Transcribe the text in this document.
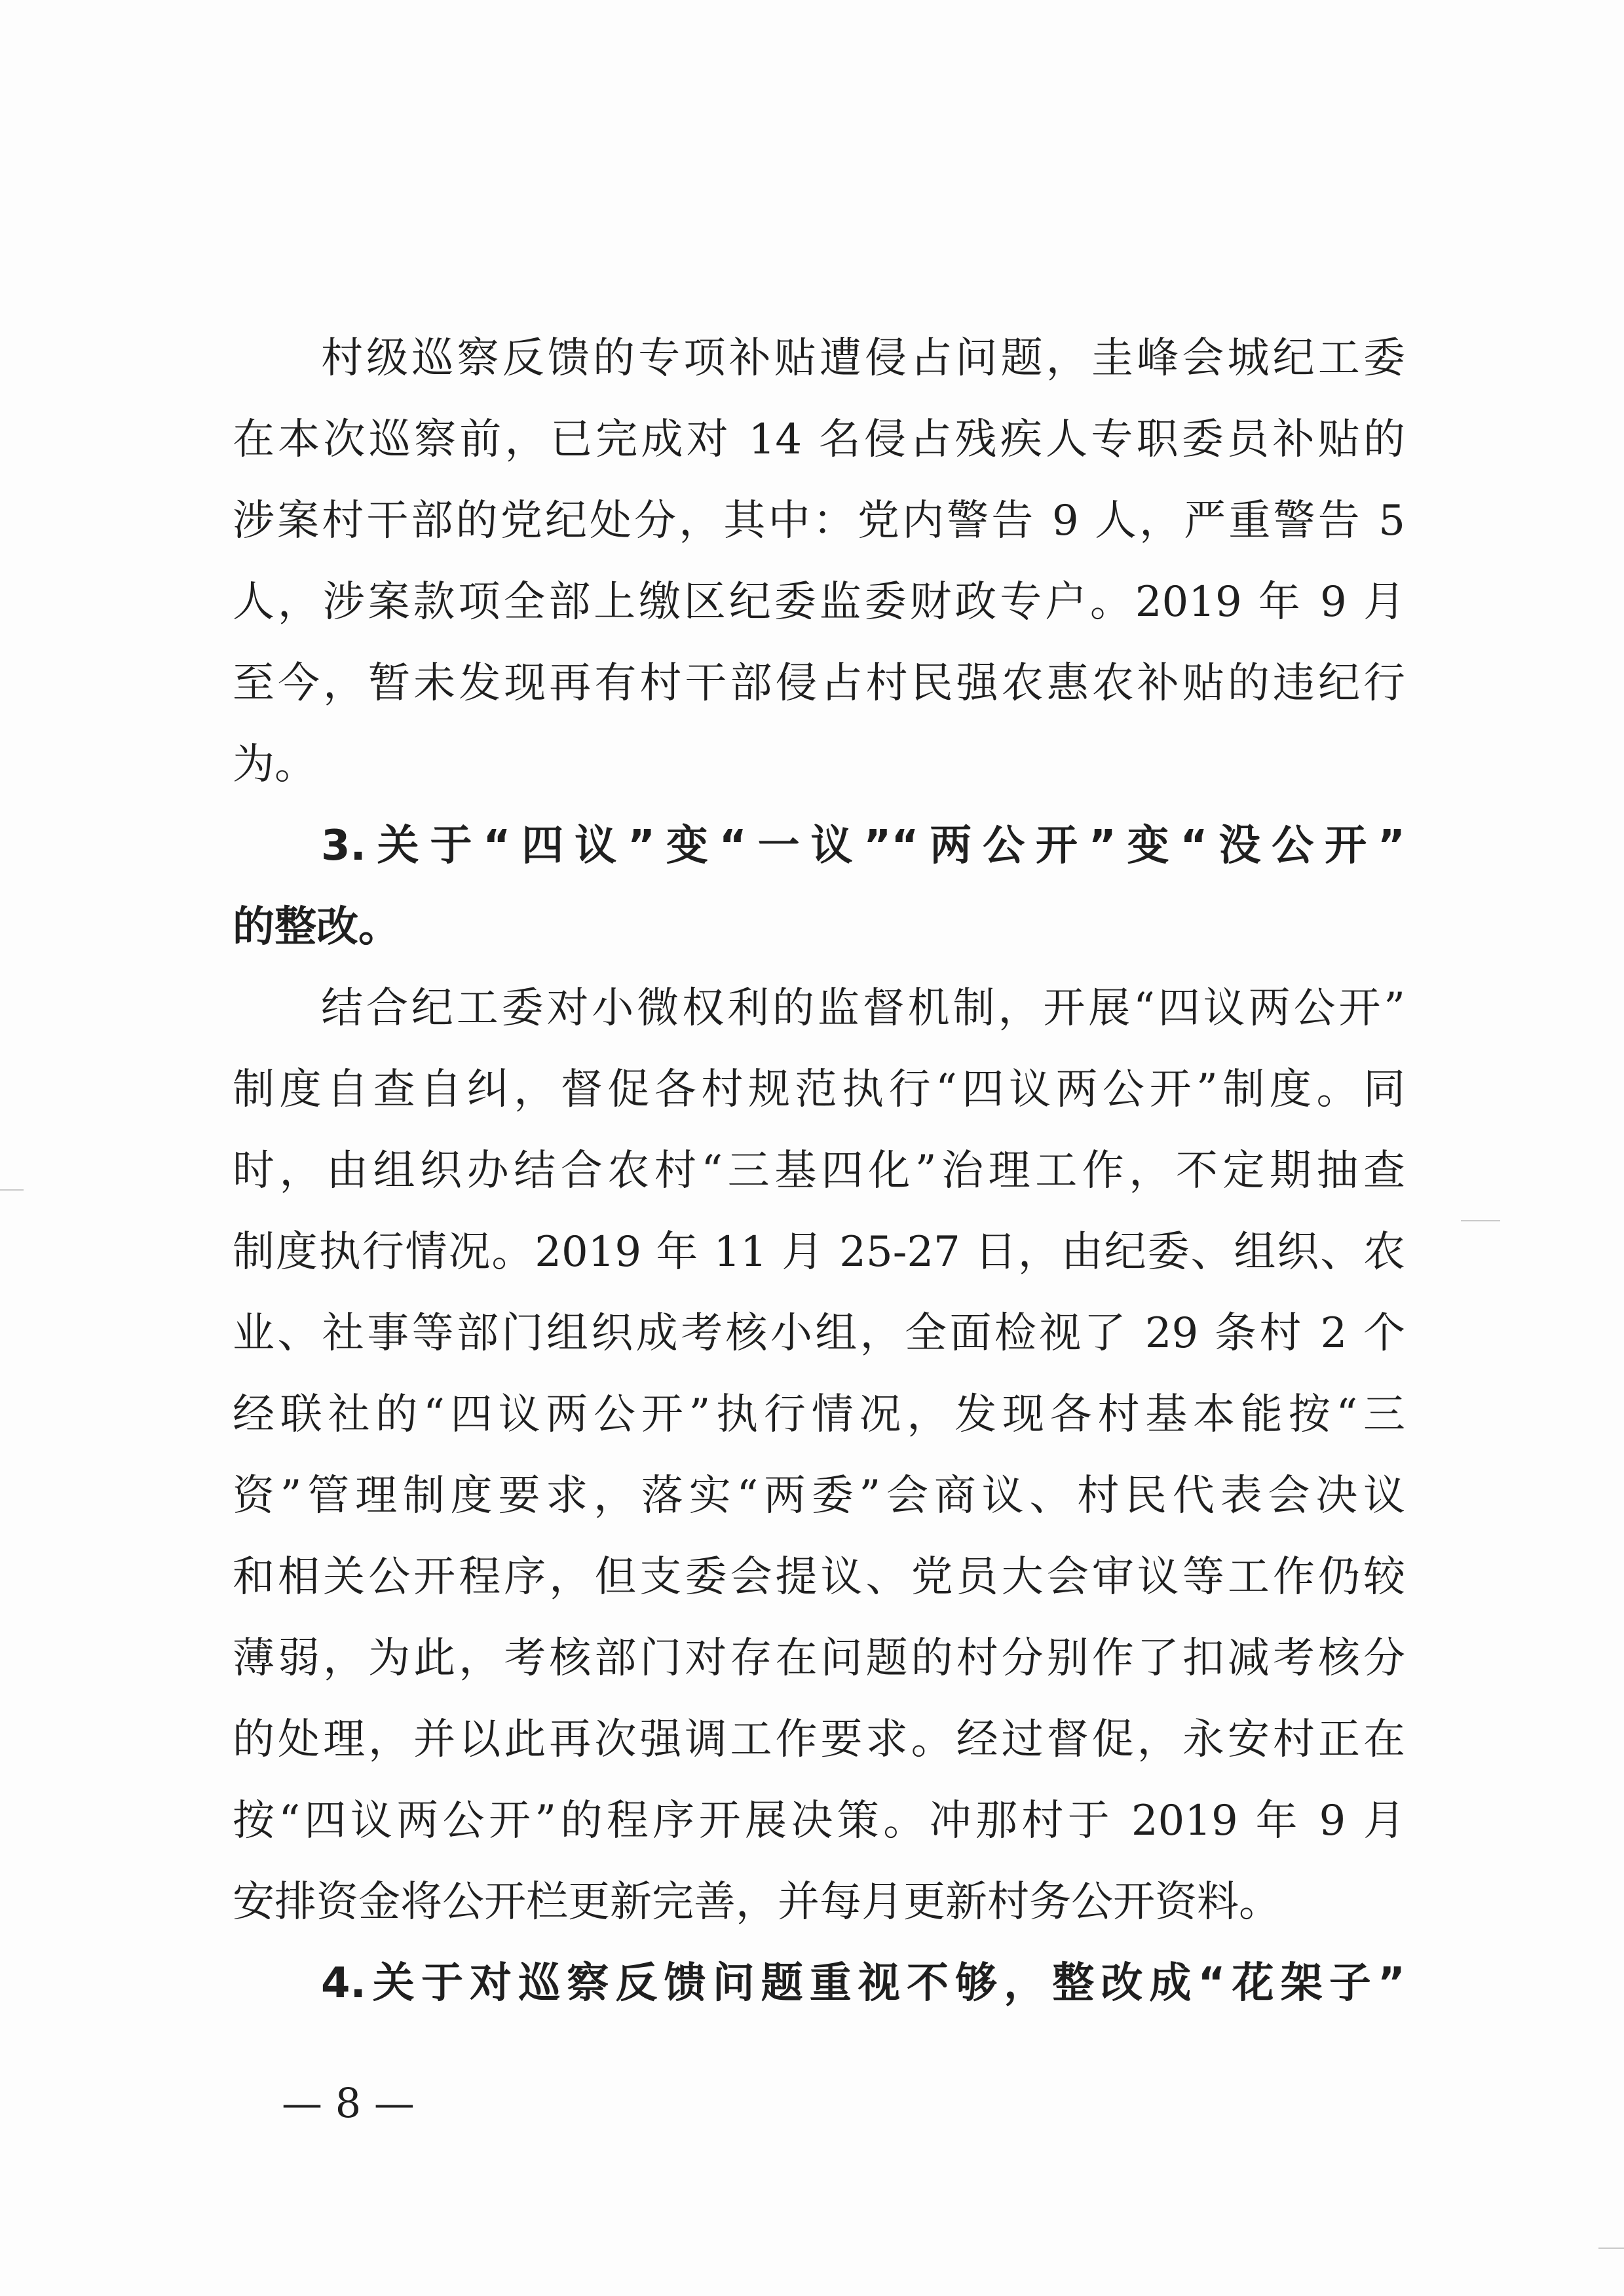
村级巡察反馈的专项补贴遭侵占问题，圭峰会城纪工委
在本次巡察前，已完成对 14 名侵占残疾人专职委员补贴的
涉案村干部的党纪处分，其中：党内警告 9 人，严重警告 5
人，涉案款项全部上缴区纪委监委财政专户。2019 年 9 月
至今，暂未发现再有村干部侵占村民强农惠农补贴的违纪行
为。
3.关于“四议”变“一议”“两公开”变“没公开”
的整改。
结合纪工委对小微权利的监督机制，开展“四议两公开”
制度自查自纠，督促各村规范执行“四议两公开”制度。同
时，由组织办结合农村“三基四化”治理工作，不定期抽查
制度执行情况。2019 年 11 月 25-27 日，由纪委、组织、农
业、社事等部门组织成考核小组，全面检视了 29 条村 2 个
经联社的“四议两公开”执行情况，发现各村基本能按“三
资”管理制度要求，落实“两委”会商议、村民代表会决议
和相关公开程序，但支委会提议、党员大会审议等工作仍较
薄弱，为此，考核部门对存在问题的村分别作了扣减考核分
的处理，并以此再次强调工作要求。经过督促，永安村正在
按“四议两公开”的程序开展决策。冲那村于 2019 年 9 月
安排资金将公开栏更新完善，并每月更新村务公开资料。
4.关于对巡察反馈问题重视不够，整改成“花架子”
— 8 —
